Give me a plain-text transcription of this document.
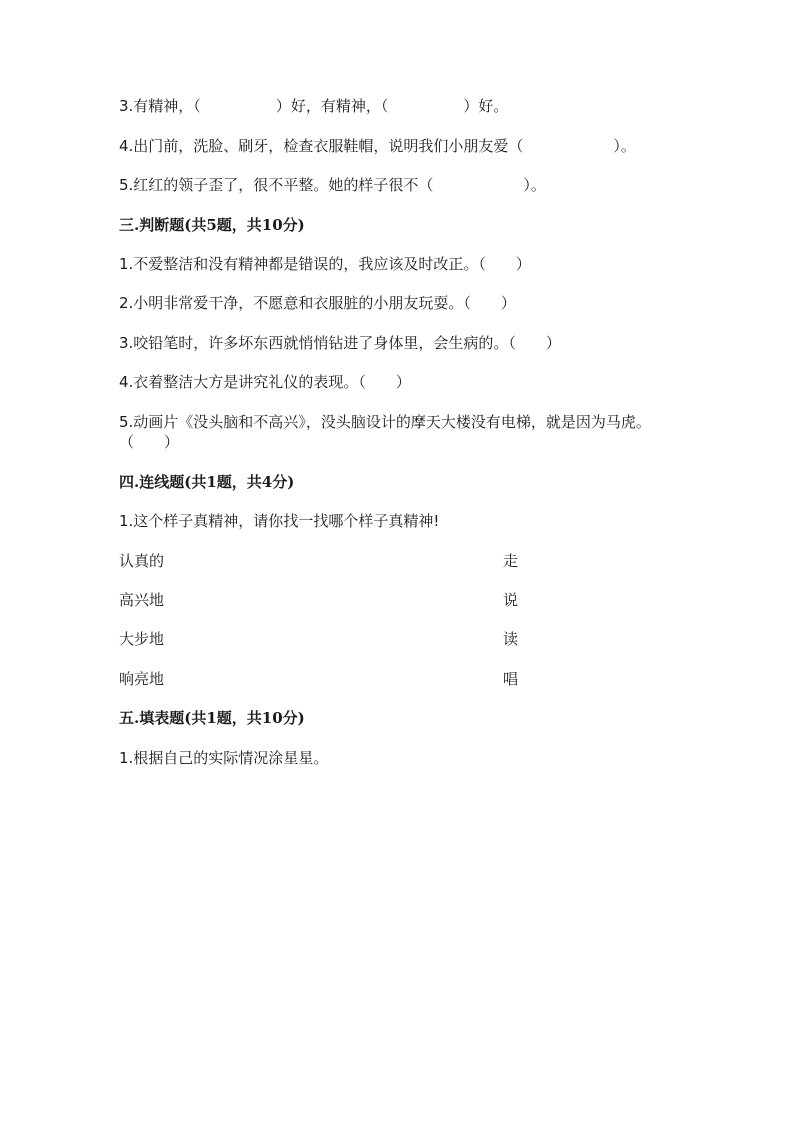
3.有精神，（　　　　　）好，有精神，（　　　　　）好。
4.出门前，洗脸、刷牙，检查衣服鞋帽，说明我们小朋友爱（　　　　　　）。
5.红红的领子歪了，很不平整。她的样子很不（　　　　　　）。
三.判断题(共5题，共10分)
1.不爱整洁和没有精神都是错误的，我应该及时改正。（　　）
2.小明非常爱干净，不愿意和衣服脏的小朋友玩耍。（　　）
3.咬铅笔时，许多坏东西就悄悄钻进了身体里，会生病的。（　　）
4.衣着整洁大方是讲究礼仪的表现。（　　）
5.动画片《没头脑和不高兴》，没头脑设计的摩天大楼没有电梯，就是因为马虎。（　　）
四.连线题(共1题，共4分)
1.这个样子真精神，请你找一找哪个样子真精神!
认真的	走
高兴地	说
大步地	读
响亮地	唱
五.填表题(共1题，共10分)
1.根据自己的实际情况涂星星。
